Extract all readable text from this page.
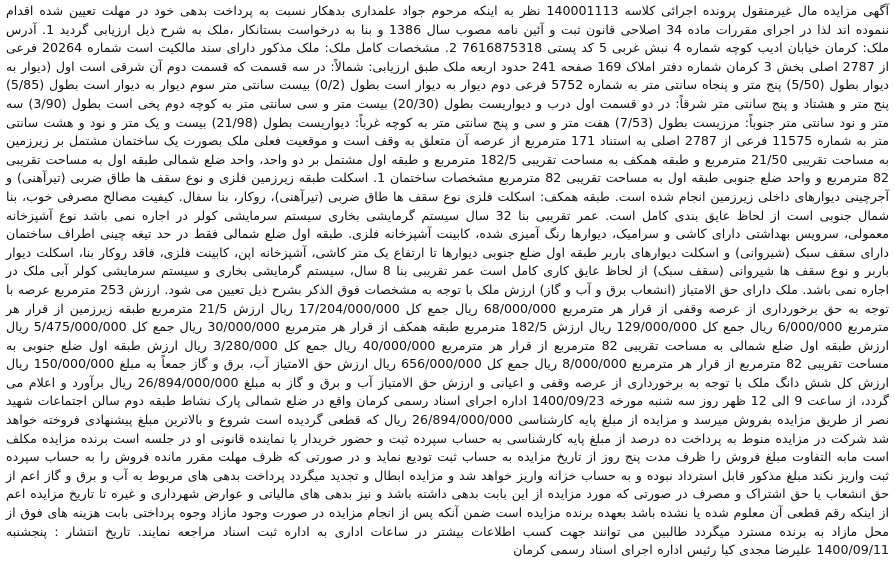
آگهی مزایده مال غیرمنقول پرونده اجرائی کلاسه 140001113 نظر به اینکه مرحوم جواد علمداری بدهکار نسبت به پرداخت بدهی خود در مهلت تعیین شده اقدام ننموده اند لذا در اجرای مقررات ماده 34 اصلاحی قانون ثبت و آئین نامه مصوب سال 1386 و بنا به درخواست بستانکار ،ملک به شرح ذیل ارزیابی گردید 1. آدرس ملک: کرمان خیابان ادیب کوچه شماره 4 نبش غربی 5 کد پستی 7616875318 2. مشخصات کامل ملک: ملک مذکور دارای سند مالکیت است شماره 20264 فرعی از 2787 اصلی بخش 3 کرمان شماره دفتر املاک 169 صفحه 241 حدود اربعه ملک طبق ارزیابی: شمالاً: در سه قسمت که قسمت دوم آن شرقی است اول (دیوار به دیوار بطول (5/50) پنج متر و پنجاه سانتی متر به شماره 5752 فرعی دوم دیوار به دیوار است بطول (0/2) بیست سانتی متر سوم دیوار به دیوار است بطول (5/85) پنج متر و هشتاد و پنج سانتی متر شرقاً: در دو قسمت اول درب و دیواریست بطول (20/30) بیست متر و سی سانتی متر به کوچه دوم پخی است بطول (3/90) سه متر و نود سانتی متر جنوباً: مرزیست بطول (7/53) هفت متر و سی و پنج سانتی متر به کوچه غرباً: دیواریست بطول (21/98) بیست و یک متر و نود و هشت سانتی متر به شماره 11575 فرعی از 2787 اصلی به استناد 171 مترمربع از عرصه آن متعلق به وقف است و موقعیت فعلی ملک بصورت یک ساختمان مشتمل بر زیرزمین به مساحت تقریبی 21/50 مترمربع و طبقه همکف به مساحت تقریبی 182/5 مترمربع و طبقه اول مشتمل بر دو واحد، واحد ضلع شمالی طبقه اول به مساحت تقریبی 82 مترمربع و واحد ضلع جنوبی طبقه اول به مساحت تقریبی 82 مترمربع مشخصات ساختمان 1. اسکلت طبقه زیرزمین فلزی و نوع سقف ها طاق ضربی (تیرآهنی) و آجرچینی دیوارهای داخلی زیرزمین انجام شده است. طبقه همکف: اسکلت فلزی نوع سقف ها طاق ضربی (تیرآهنی)، روکار، بنا سفال. کیفیت مصالح مصرفی خوب، بنا شمال جنوبی است از لحاظ عایق بندی کامل است. عمر تقریبی بنا 32 سال سیستم گرمایشی بخاری سیستم سرمایشی کولر در اجاره نمی باشد نوع آشپزخانه معمولی، سرویس بهداشتی دارای کاشی و سرامیک، دیوارها رنگ آمیزی شده، کابینت آشپزخانه فلزی. طبقه اول ضلع شمالی فقط در حد تیغه چینی اطراف ساختمان دارای سقف سبک (شیروانی) و اسکلت دیوارهای باربر طبقه اول ضلع جنوبی دیوارها تا ارتفاع یک متر کاشی، آشپزخانه اپن، کابینت فلزی، فاقد روکار بنا، اسکلت دیوار باربر و نوع سقف ها شیروانی (سقف سبک) از لحاظ عایق کاری کامل است عمر تقریبی بنا 8 سال، سیستم گرمایشی بخاری و سیستم سرمایشی کولر آبی ملک در اجاره نمی باشد. ملک دارای حق الامتیاز (انشعاب برق و آب و گاز) ارزش ملک با توجه به مشخصات فوق الذکر بشرح ذیل تعیین می شود. ارزش 253 مترمربع عرصه با توجه به حق برخورداری از عرصه وقفی از قرار هر مترمربع 68/000/000 ریال جمع کل 17/204/000/000 ریال ارزش 21/5 مترمربع طبقه زیرزمین از قرار هر مترمربع 6/000/000 ریال جمع کل 129/000/000 ریال ارزش 182/5 مترمربع طبقه همکف از قرار هر مترمربع 30/000/000 ریال جمع کل 5/475/000/000 ریال ارزش طبقه اول ضلع شمالی به مساحت تقریبی 82 مترمربع از قرار هر مترمربع 40/000/000 ریال جمع کل 3/280/000 ریال ارزش طبقه اول ضلع جنوبی به مساحت تقریبی 82 مترمربع از قرار هر مترمربع 8/000/000 ریال جمع کل 656/000/000 ریال ارزش حق الامتیاز آب، برق و گاز جمعاً به مبلغ 150/000/000 ریال ارزش کل شش دانگ ملک با توجه به برخورداری از عرصه وقفی و اعیانی و ارزش حق الامتیاز آب و برق و گاز به مبلغ 26/894/000/000 ریال برآورد و اعلام می گردد، از ساعت 9 الی 12 ظهر روز سه شنبه مورخه 1400/09/23 اداره اجرای اسناد رسمی کرمان واقع در ضلع شمالی پارک نشاط طبقه دوم سالن اجتماعات شهید نصر از طریق مزایده بفروش میرسد و مزایده از مبلغ پایه کارشناسی 26/894/000/000 ریال که قطعی گردیده است شروع و بالاترین مبلغ پیشنهادی فروخته خواهد شد شرکت در مزایده منوط به پرداخت ده درصد از مبلغ پایه کارشناسی به حساب سپرده ثبت و حضور خریدار یا نماینده قانونی او در جلسه است برنده مزایده مکلف است مابه التفاوت مبلغ فروش را ظرف مدت پنج روز از تاریخ مزایده به حساب ثبت تودیع نماید و در صورتی که ظرف مهلت مقرر مانده فروش را به حساب سپرده ثبت واریز نکند مبلغ مذکور قابل استرداد نبوده و به حساب خزانه واریز خواهد شد و مزایده ابطال و تجدید میگردد پرداخت بدهی های مربوط به آب و برق و گاز اعم از حق انشعاب یا حق اشتراک و مصرف در صورتی که مورد مزایده از این بابت بدهی داشته باشد و نیز بدهی های مالیاتی و عوارض شهرداری و غیره تا تاریخ مزایده اعم از اینکه رقم قطعی آن معلوم شده یا نشده باشد بعهده برنده مزایده است ضمن آنکه پس از انجام مزایده در صورت وجود مازاد وجوه پرداختی بابت هزینه های فوق از محل مازاد به برنده مسترد میگردد طالبین می توانند جهت کسب اطلاعات بیشتر در ساعات اداری به اداره ثبت اسناد مراجعه نمایند. تاریخ انتشار : پنجشنبه 1400/09/11 علیرضا مجدی کیا رئیس اداره اجرای اسناد رسمی کرمان
